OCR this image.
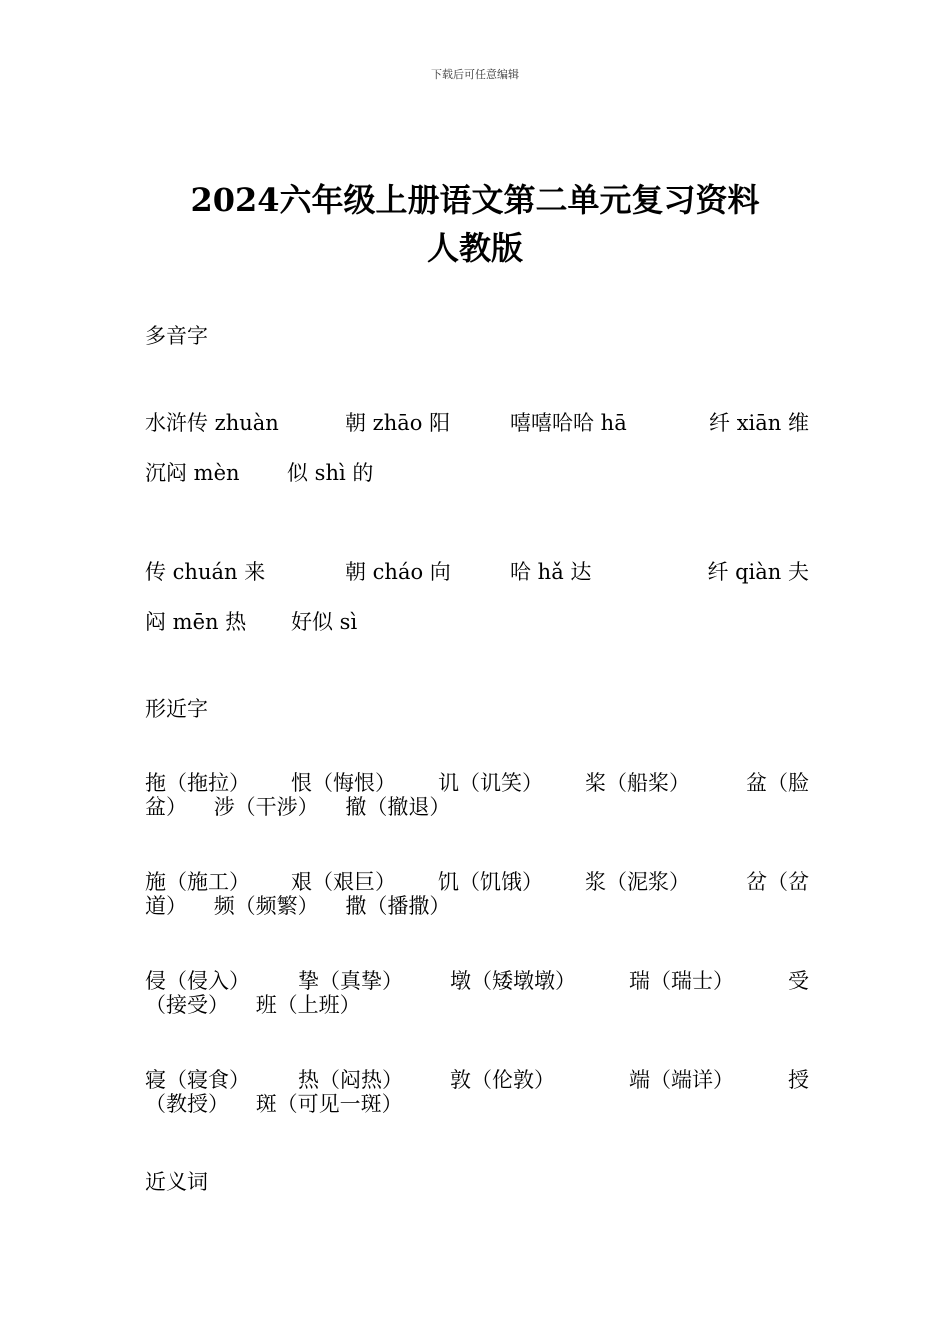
下载后可任意编辑
2024六年级上册语文第二单元复习资料
人教版
多音字
水浒传 zhuàn	朝 zhāo 阳	嘻嘻哈哈 hā	纤 xiān 维
沉闷 mèn 似 shì 的
传 chuán 来	朝 cháo 向	哈 hǎ 达	纤 qiàn 夫
闷 mēn 热 好似 sì
形近字
拖（拖拉） 恨（悔恨） 讥（讥笑） 桨（船桨）	盆（脸
盆） 涉（干涉） 撤（撤退）
施（施工） 艰（艰巨） 饥（饥饿） 浆（泥浆）	岔（岔
道） 频（频繁） 撒（播撒）
侵（侵入） 挚（真挚） 墩（矮墩墩）	瑞（瑞士）	受
（接受） 班（上班）
寝（寝食） 热（闷热） 敦（伦敦）	端（端详）	授
（教授） 斑（可见一斑）
近义词
